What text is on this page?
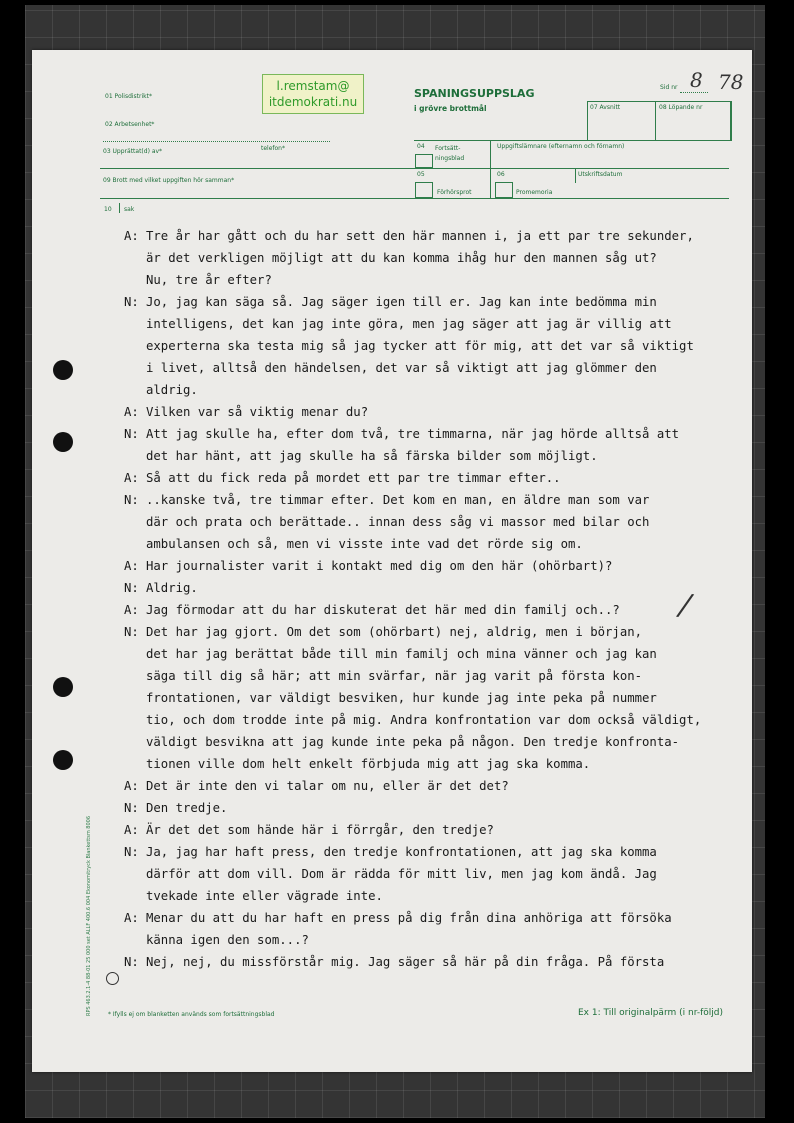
l.remstam@
itdemokrati.nu
SPANINGSUPPSLAG
i grövre brottmål
Sid nr 8 78
01 Polisdistrikt*
02 Arbetsenhet*
03 Upprättat(d) av*	telefon*
07 Avsnitt	08 Löpande nr
04 Fortsätt-
ningsblad
Uppgiftslämnare (efternamn och förnamn)
09 Brott med vilket uppgiften hör samman*
05
Förhörsprot
06
Promemoria
Utskriftsdatum
10 sak
/
A: Tre år har gått och du har sett den här mannen i, ja ett par tre sekunder,
är det verkligen möjligt att du kan komma ihåg hur den mannen såg ut?
Nu, tre år efter?
N: Jo, jag kan säga så. Jag säger igen till er. Jag kan inte bedömma min
intelligens, det kan jag inte göra, men jag säger att jag är villig att
experterna ska testa mig så jag tycker att för mig, att det var så viktigt
i livet, alltså den händelsen, det var så viktigt att jag glömmer den
aldrig.
A: Vilken var så viktig menar du?
N: Att jag skulle ha, efter dom två, tre timmarna, när jag hörde alltså att
det har hänt, att jag skulle ha så färska bilder som möjligt.
A: Så att du fick reda på mordet ett par tre timmar efter..
N: ..kanske två, tre timmar efter. Det kom en man, en äldre man som var
där och prata och berättade.. innan dess såg vi massor med bilar och
ambulansen och så, men vi visste inte vad det rörde sig om.
A: Har journalister varit i kontakt med dig om den här (ohörbart)?
N: Aldrig.
A: Jag förmodar att du har diskuterat det här med din familj och..?
N: Det har jag gjort. Om det som (ohörbart) nej, aldrig, men i början,
det har jag berättat både till min familj och mina vänner och jag kan
säga till dig så här; att min svärfar, när jag varit på första kon-
frontationen, var väldigt besviken, hur kunde jag inte peka på nummer
tio, och dom trodde inte på mig. Andra konfrontation var dom också väldigt,
väldigt besvikna att jag kunde inte peka på någon. Den tredje konfronta-
tionen ville dom helt enkelt förbjuda mig att jag ska komma.
A: Det är inte den vi talar om nu, eller är det det?
N: Den tredje.
A: Är det det som hände här i förrgår, den tredje?
N: Ja, jag har haft press, den tredje konfrontationen, att jag ska komma
därför att dom vill. Dom är rädda för mitt liv, men jag kom ändå. Jag
tvekade inte eller vägrade inte.
A: Menar du att du har haft en press på dig från dina anhöriga att försöka
känna igen den som...?
N: Nej, nej, du missförstår mig. Jag säger så här på din fråga. På första
RPS 463.2.1-4 88-01 25 000 set ALLF 400.6 004 Ekonomitryck Blankettsm 8006	* Ifylls ej om blanketten används som fortsättningsblad	Ex 1: Till originalpärm (i nr-följd)
